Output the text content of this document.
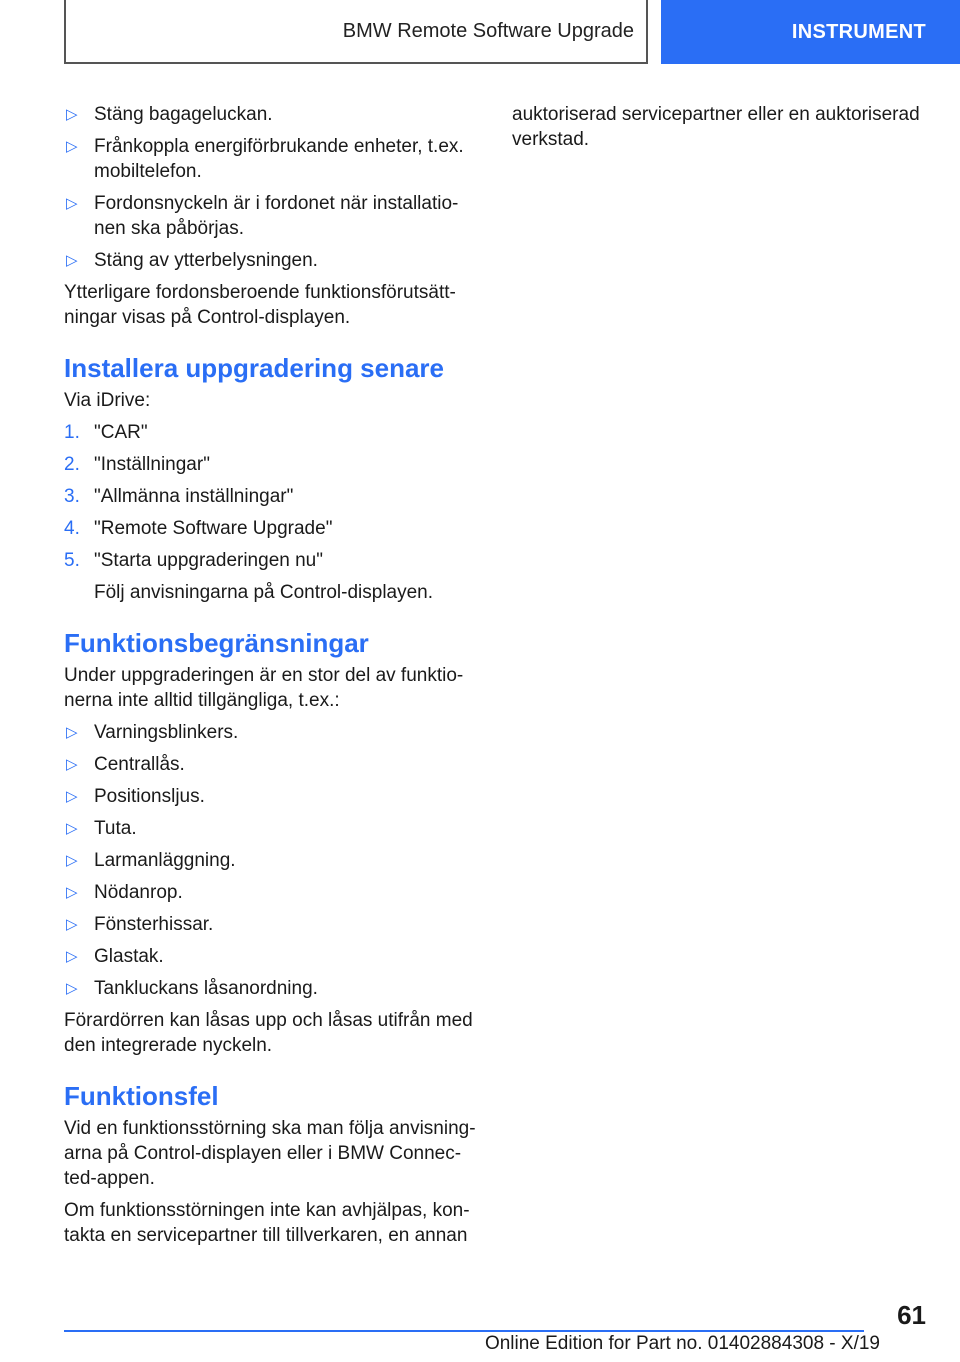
BMW Remote Software Upgrade	INSTRUMENT
▷ Stäng bagageluckan.
▷ Frånkoppla energiförbrukande enheter, t.ex. mobiltelefon.
▷ Fordonsnyckeln är i fordonet när installatio-nen ska påbörjas.
▷ Stäng av ytterbelysningen.

Ytterligare fordonsberoende funktionsförutsätt-ningar visas på Control-displayen.

Installera uppgradering senare

Via iDrive:

1. "CAR"
2. "Inställningar"
3. "Allmänna inställningar"
4. "Remote Software Upgrade"
5. "Starta uppgraderingen nu"
Följ anvisningarna på Control-displayen.
Funktionsbegränsningar

Under uppgraderingen är en stor del av funktio-nerna inte alltid tillgängliga, t.ex.:

▷ Varningsblinkers.
▷ Centrallås.
▷ Positionsljus.
▷ Tuta.
▷ Larmanläggning.
▷ Nödanrop.
▷ Fönsterhissar.
▷ Glastak.
▷ Tankluckans låsanordning.

Förardörren kan låsas upp och låsas utifrån med den integrerade nyckeln.

Funktionsfel

Vid en funktionsstörning ska man följa anvisning-arna på Control-displayen eller i BMW Connec-ted-appen.

Om funktionsstörningen inte kan avhjälpas, kon-takta en servicepartner till tillverkaren, en annan

auktoriserad servicepartner eller en auktoriserad verkstad.

61
Online Edition for Part no. 01402884308 - X/19
